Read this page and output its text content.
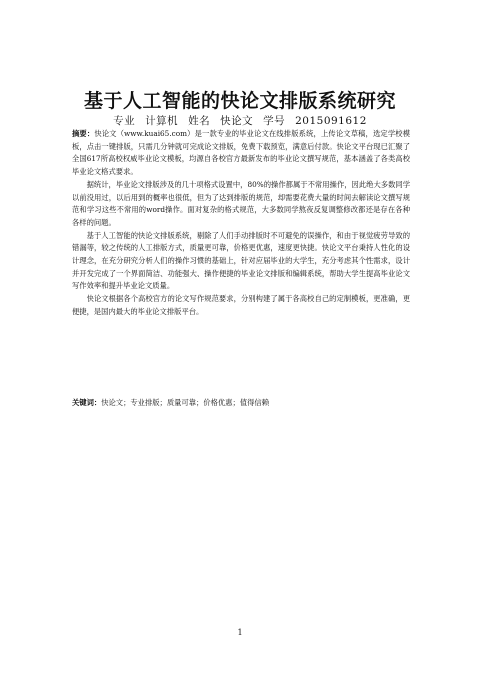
基于人工智能的快论文排版系统研究
专业 计算机 姓名 快论文 学号 2015091612

摘要：快论文（www.kuai65.com）是一款专业的毕业论文在线排版系统，上传论文草稿，选定学校模板，点击一键排版，只需几分钟就可完成论文排版，免费下载预览，满意后付款。快论文平台现已汇聚了全国617所高校权威毕业论文模板，均源自各校官方最新发布的毕业论文撰写规范，基本涵盖了各类高校毕业论文格式要求。

据统计，毕业论文排版涉及的几十项格式设置中，80%的操作都属于不常用操作，因此绝大多数同学以前没用过，以后用到的概率也很低，但为了达到排版的规范，却需要花费大量的时间去解读论文撰写规范和学习这些不常用的word操作。面对复杂的格式规范，大多数同学熬夜反复调整修改都还是存在各种各样的问题。

基于人工智能的快论文排版系统，剔除了人们手动排版时不可避免的误操作，和由于视觉疲劳导致的错漏等，较之传统的人工排版方式，质量更可靠，价格更优惠，速度更快捷。快论文平台秉持人性化的设计理念，在充分研究分析人们的操作习惯的基础上，针对应届毕业的大学生，充分考虑其个性需求，设计并开发完成了一个界面简洁、功能强大、操作便捷的毕业论文排版和编辑系统，帮助大学生提高毕业论文写作效率和提升毕业论文质量。

快论文根据各个高校官方的论文写作规范要求，分别构建了属于各高校自己的定制模板，更准确，更便捷，是国内最大的毕业论文排版平台。

关键词：快论文；专业排版；质量可靠；价格优惠；值得信赖
1
